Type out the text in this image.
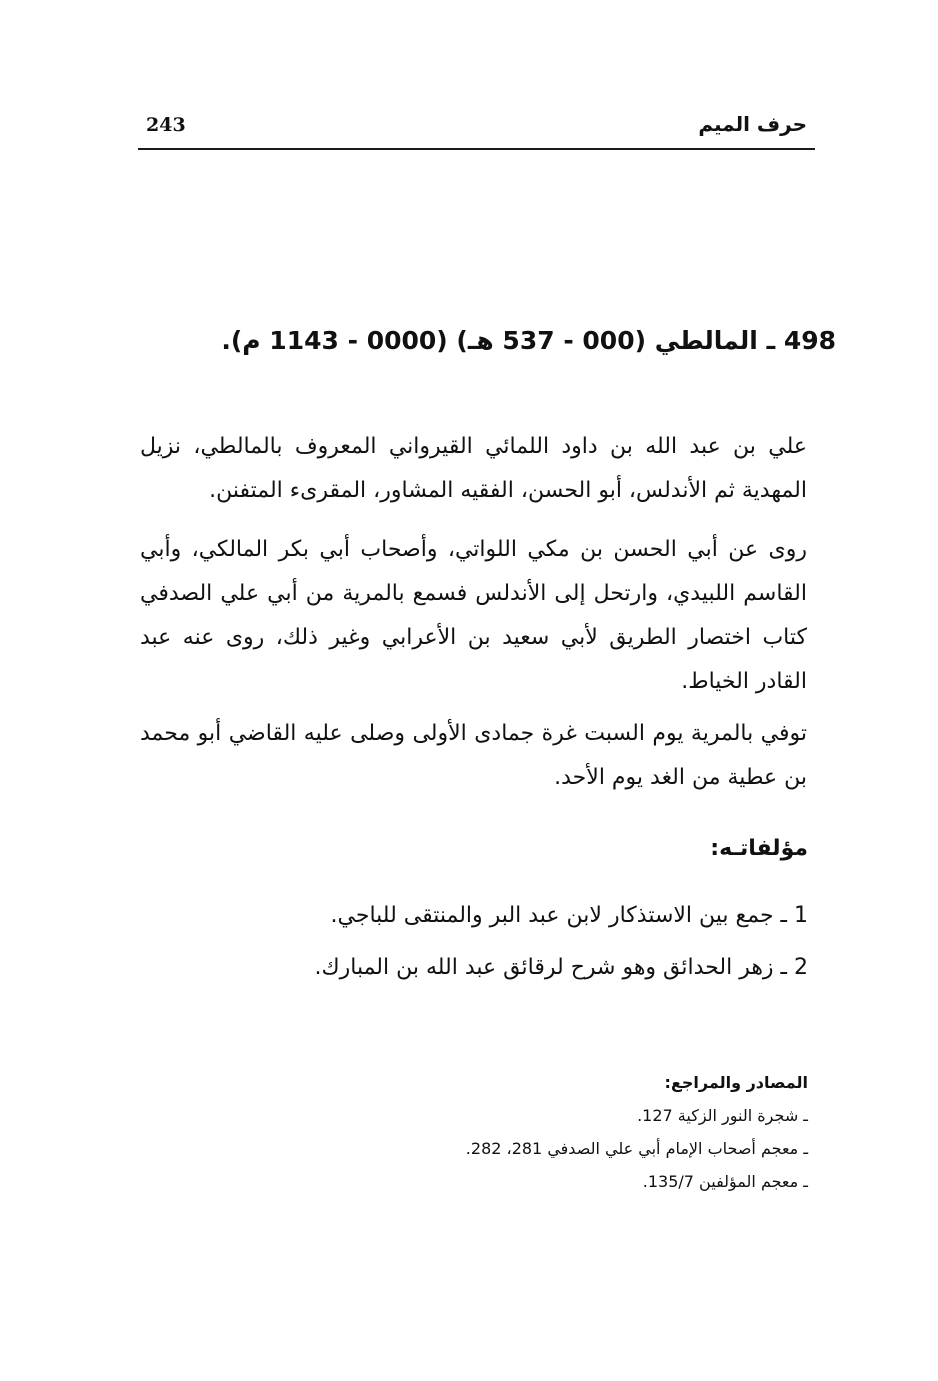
243	حرف الميم
498 ـ المالطي (000 - 537 هـ) (0000 - 1143 م).
علي بن عبد الله بن داود اللمائي القيرواني المعروف بالمالطي، نزيل المهدية ثم الأندلس، أبو الحسن، الفقيه المشاور، المقرىء المتفنن.
روى عن أبي الحسن بن مكي اللواتي، وأصحاب أبي بكر المالكي، وأبي القاسم اللبيدي، وارتحل إلى الأندلس فسمع بالمرية من أبي علي الصدفي كتاب اختصار الطريق لأبي سعيد بن الأعرابي وغير ذلك، روى عنه عبد القادر الخياط.
توفي بالمرية يوم السبت غرة جمادى الأولى وصلى عليه القاضي أبو محمد بن عطية من الغد يوم الأحد.
مؤلفاتـه:
1 ـ جمع بين الاستذكار لابن عبد البر والمنتقى للباجي.
2 ـ زهر الحدائق وهو شرح لرقائق عبد الله بن المبارك.
المصادر والمراجع:
ـ شجرة النور الزكية 127.
ـ معجم أصحاب الإمام أبي علي الصدفي 281، 282.
ـ معجم المؤلفين 135/7.
